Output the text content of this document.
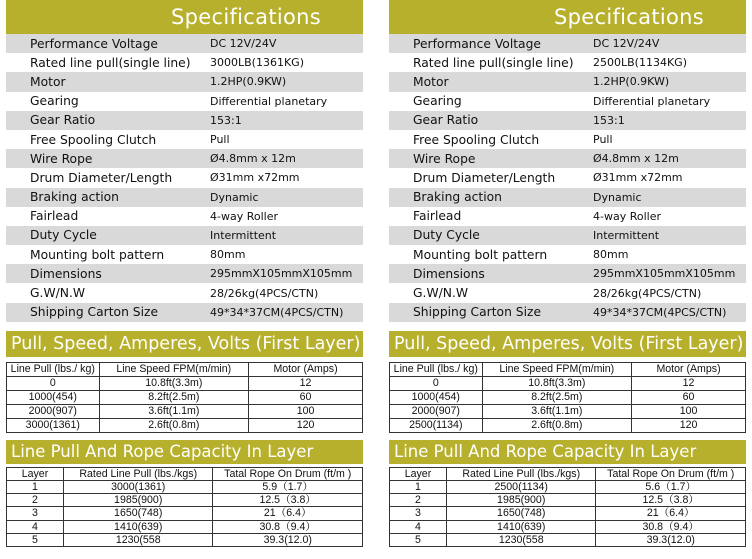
Specifications
Performance Voltage	DC 12V/24V
Rated line pull(single line)	3000LB(1361KG)
Motor	1.2HP(0.9KW)
Gearing	Differential planetary
Gear Ratio	153:1
Free Spooling Clutch	Pull
Wire Rope	Ø4.8mm x 12m
Drum Diameter/Length	Ø31mm x72mm
Braking action	Dynamic
Fairlead	4-way Roller
Duty Cycle	Intermittent
Mounting bolt pattern	80mm
Dimensions	295mmX105mmX105mm
G.W/N.W	28/26kg(4PCS/CTN)
Shipping Carton Size	49*34*37CM(4PCS/CTN)
Pull, Speed, Amperes, Volts (First Layer)
Line Pull (lbs./ kg)	Line Speed FPM(m/min)	Motor (Amps)
0	10.8ft(3.3m)	12
1000(454)	8.2ft(2.5m)	60
2000(907)	3.6ft(1.1m)	100
3000(1361)	2.6ft(0.8m)	120
Line Pull And Rope Capacity In Layer
Layer	Rated Line Pull (lbs./kgs)	Tatal Rope On Drum (ft/m )
1	3000(1361)	5.9（1.7）
2	1985(900)	12.5（3.8）
3	1650(748)	21（6.4）
4	1410(639)	30.8（9.4）
5	1230(558	39.3(12.0)
Specifications
Performance Voltage	DC 12V/24V
Rated line pull(single line)	2500LB(1134KG)
Motor	1.2HP(0.9KW)
Gearing	Differential planetary
Gear Ratio	153:1
Free Spooling Clutch	Pull
Wire Rope	Ø4.8mm x 12m
Drum Diameter/Length	Ø31mm x72mm
Braking action	Dynamic
Fairlead	4-way Roller
Duty Cycle	Intermittent
Mounting bolt pattern	80mm
Dimensions	295mmX105mmX105mm
G.W/N.W	28/26kg(4PCS/CTN)
Shipping Carton Size	49*34*37CM(4PCS/CTN)
Pull, Speed, Amperes, Volts (First Layer)
Line Pull (lbs./ kg)	Line Speed FPM(m/min)	Motor (Amps)
0	10.8ft(3.3m)	12
1000(454)	8.2ft(2.5m)	60
2000(907)	3.6ft(1.1m)	100
2500(1134)	2.6ft(0.8m)	120
Line Pull And Rope Capacity In Layer
Layer	Rated Line Pull (lbs./kgs)	Tatal Rope On Drum (ft/m )
1	2500(1134)	5.6（1.7）
2	1985(900)	12.5（3.8）
3	1650(748)	21（6.4）
4	1410(639)	30.8（9.4）
5	1230(558	39.3(12.0)
